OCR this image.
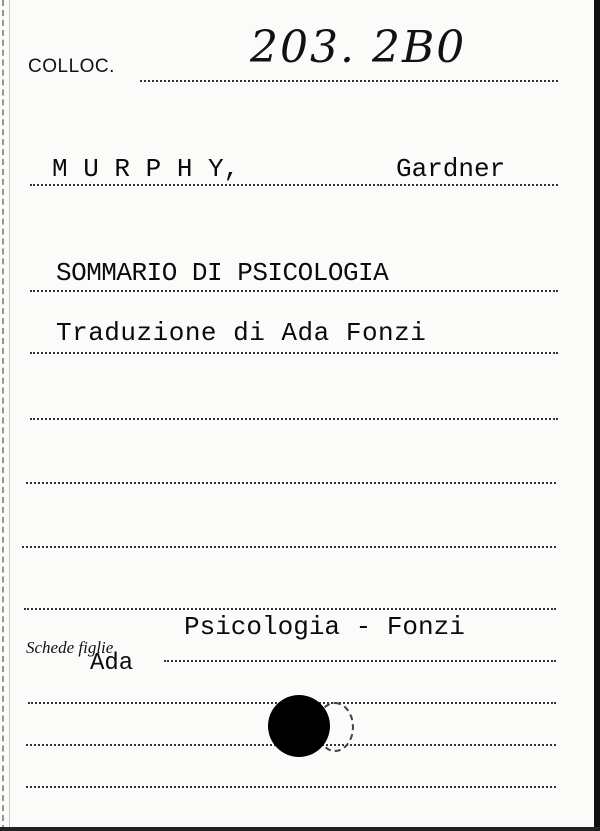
COLLOC.	203. 2B0
M U R P H Y,	Gardner
SOMMARIO DI PSICOLOGIA
Traduzione di Ada Fonzi
Schede figlie
Psicologia - Fonzi
Ada
